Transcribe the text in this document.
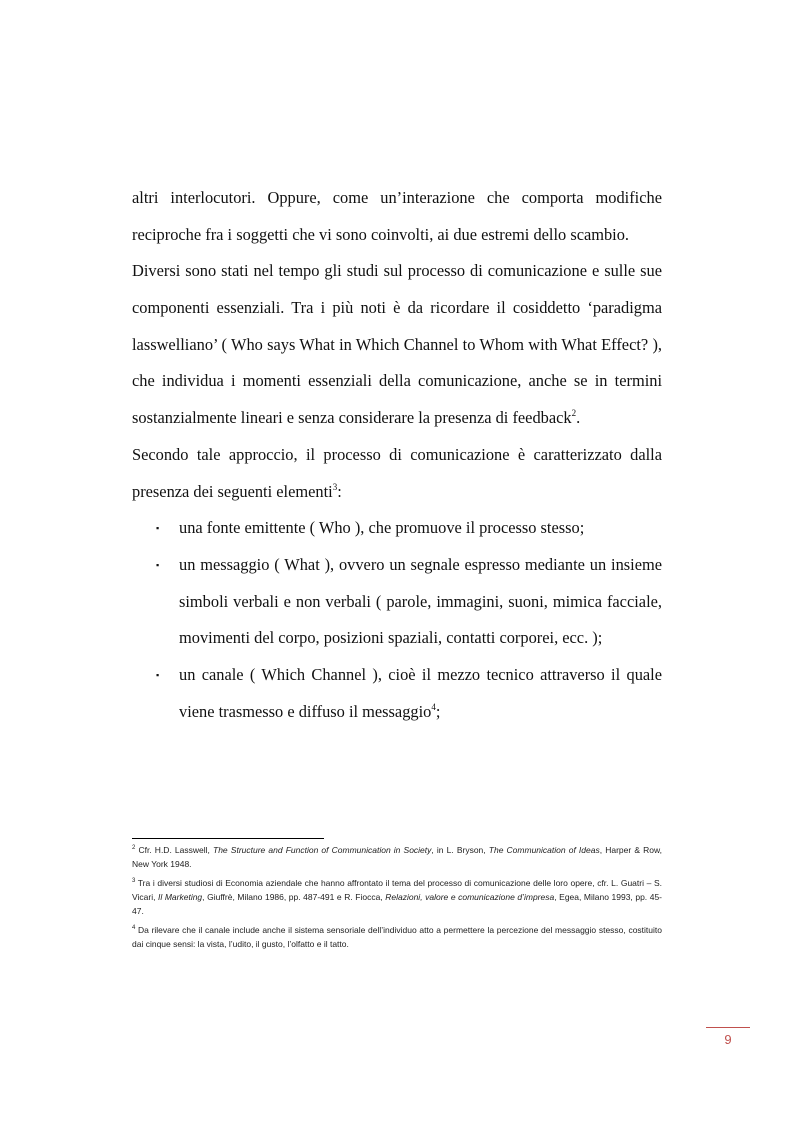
altri interlocutori. Oppure, come un’interazione che comporta modifiche
reciproche fra i soggetti che vi sono coinvolti, ai due estremi dello scambio.
Diversi sono stati nel tempo gli studi sul processo di comunicazione e sulle sue
componenti essenziali. Tra i più noti è da ricordare il cosiddetto ‘paradigma
lasswelliano’ ( Who says What in Which Channel to Whom with What Effect? ),
che individua i momenti essenziali della comunicazione, anche se in termini
sostanzialmente lineari e senza considerare la presenza di feedback$^2$.
Secondo tale approccio, il processo di comunicazione è caratterizzato dalla
presenza dei seguenti elementi$^3$:
▪ una fonte emittente ( Who ), che promuove il processo stesso;
▪ un messaggio ( What ), ovvero un segnale espresso mediante un insieme
simboli verbali e non verbali ( parole, immagini, suoni, mimica facciale,
movimenti del corpo, posizioni spaziali, contatti corporei, ecc. );
▪ un canale ( Which Channel ), cioè il mezzo tecnico attraverso il quale
viene trasmesso e diffuso il messaggio$^4$;
$^2$ Cfr. H.D. Lasswell, The Structure and Function of Communication in Society, in L. Bryson, The Communication of Ideas, Harper & Row, New York 1948.
$^3$ Tra i diversi studiosi di Economia aziendale che hanno affrontato il tema del processo di comunicazione delle loro opere, cfr. L. Guatri – S. Vicari, Il Marketing, Giuffrè, Milano 1986, pp. 487-491 e R. Fiocca, Relazioni, valore e comunicazione d’impresa, Egea, Milano 1993, pp. 45-47.
$^4$ Da rilevare che il canale include anche il sistema sensoriale dell’individuo atto a permettere la percezione del messaggio stesso, costituito dai cinque sensi: la vista, l’udito, il gusto, l’olfatto e il tatto.
9
